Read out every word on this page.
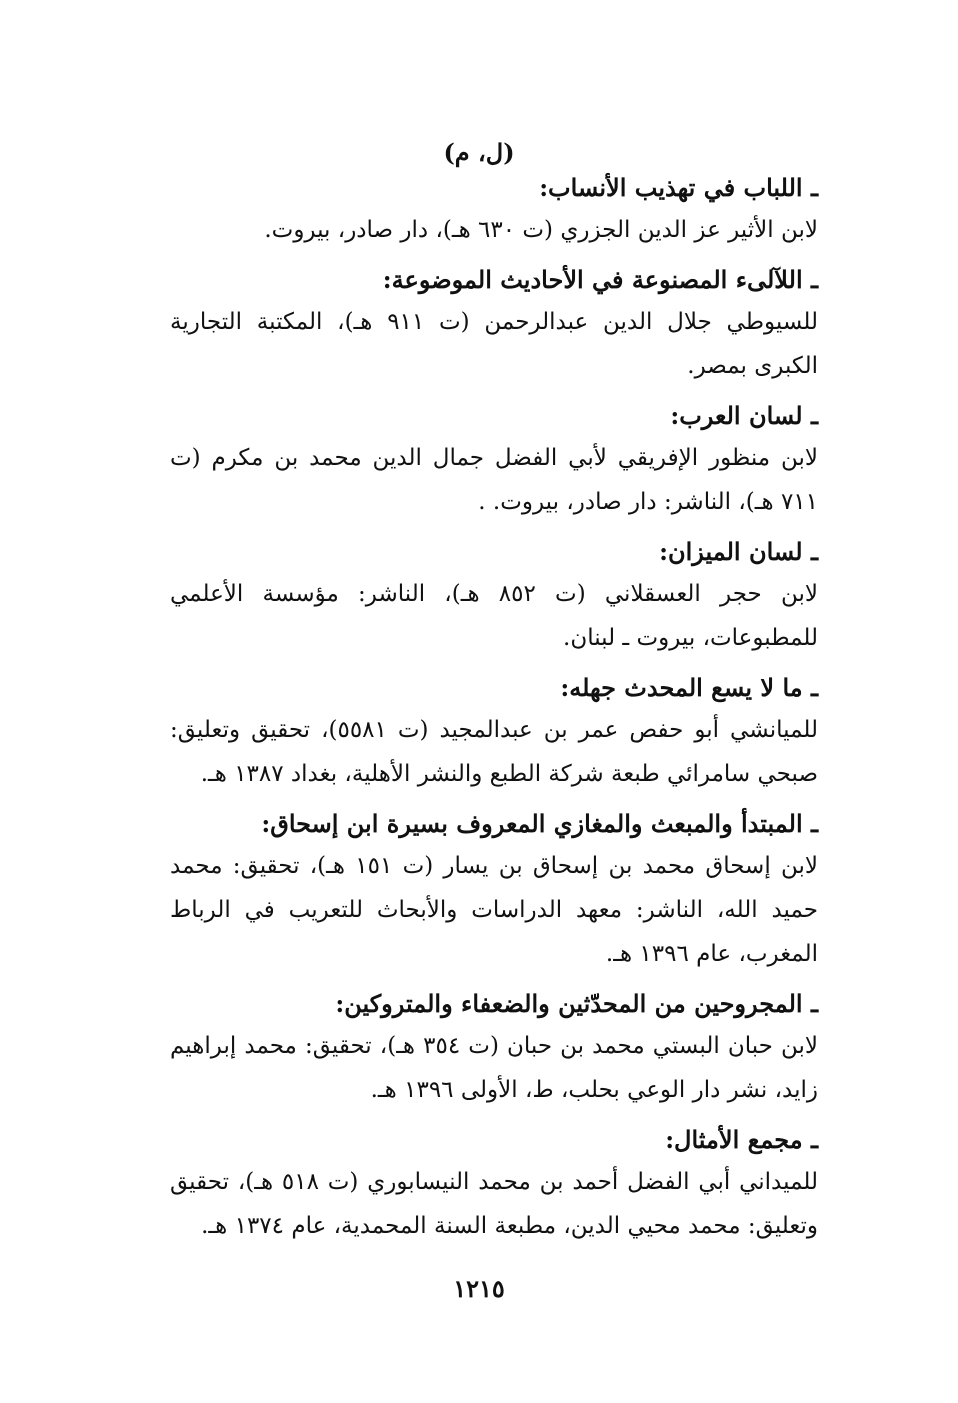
(ل، م)

ـ اللباب في تهذيب الأنساب:

لابن الأثير عز الدين الجزري (ت ٦٣٠ هـ)، دار صادر، بيروت.

ـ اللآلىء المصنوعة في الأحاديث الموضوعة:

للسيوطي جلال الدين عبدالرحمن (ت ٩١١ هـ)، المكتبة التجارية الكبرى بمصر.

ـ لسان العرب:

لابن منظور الإفريقي لأبي الفضل جمال الدين محمد بن مكرم (ت ٧١١ هـ)، الناشر: دار صادر، بيروت. .

ـ لسان الميزان:

لابن حجر العسقلاني (ت ٨٥٢ هـ)، الناشر: مؤسسة الأعلمي للمطبوعات، بيروت ـ لبنان.

ـ ما لا يسع المحدث جهله:

للميانشي أبو حفص عمر بن عبدالمجيد (ت ٥٥٨١)، تحقيق وتعليق: صبحي سامرائي طبعة شركة الطبع والنشر الأهلية، بغداد ١٣٨٧ هـ.

ـ المبتدأ والمبعث والمغازي المعروف بسيرة ابن إسحاق:

لابن إسحاق محمد بن إسحاق بن يسار (ت ١٥١ هـ)، تحقيق: محمد حميد الله، الناشر: معهد الدراسات والأبحاث للتعريب في الرباط المغرب، عام ١٣٩٦ هـ.

ـ المجروحين من المحدّثين والضعفاء والمتروكين:

لابن حبان البستي محمد بن حبان (ت ٣٥٤ هـ)، تحقيق: محمد إبراهيم زايد، نشر دار الوعي بحلب، ط، الأولى ١٣٩٦ هـ.

ـ مجمع الأمثال:

للميداني أبي الفضل أحمد بن محمد النيسابوري (ت ٥١٨ هـ)، تحقيق وتعليق: محمد محيي الدين، مطبعة السنة المحمدية، عام ١٣٧٤ هـ.

١٢١٥
